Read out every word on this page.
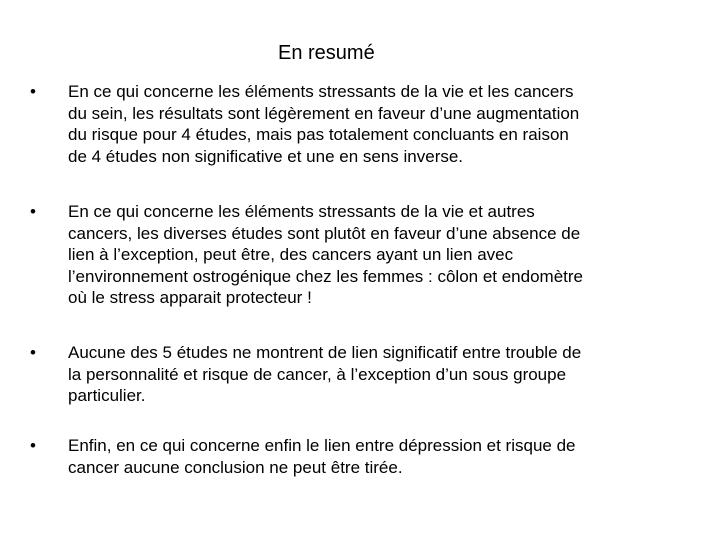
En resumé
• En ce qui concerne les éléments stressants de la vie et les cancers
du sein, les résultats sont légèrement en faveur d’une augmentation
du risque pour 4 études, mais pas totalement concluants en raison
de 4 études non significative et une en sens inverse.
• En ce qui concerne les éléments stressants de la vie et autres
cancers, les diverses études sont plutôt en faveur d’une absence de
lien à l’exception, peut être, des cancers ayant un lien avec
l’environnement ostrogénique chez les femmes : côlon et endomètre
où le stress apparait protecteur !
• Aucune des 5 études ne montrent de lien significatif entre trouble de
la personnalité et risque de cancer, à l’exception d’un sous groupe
particulier.
• Enfin, en ce qui concerne enfin le lien entre dépression et risque de
cancer aucune conclusion ne peut être tirée.
